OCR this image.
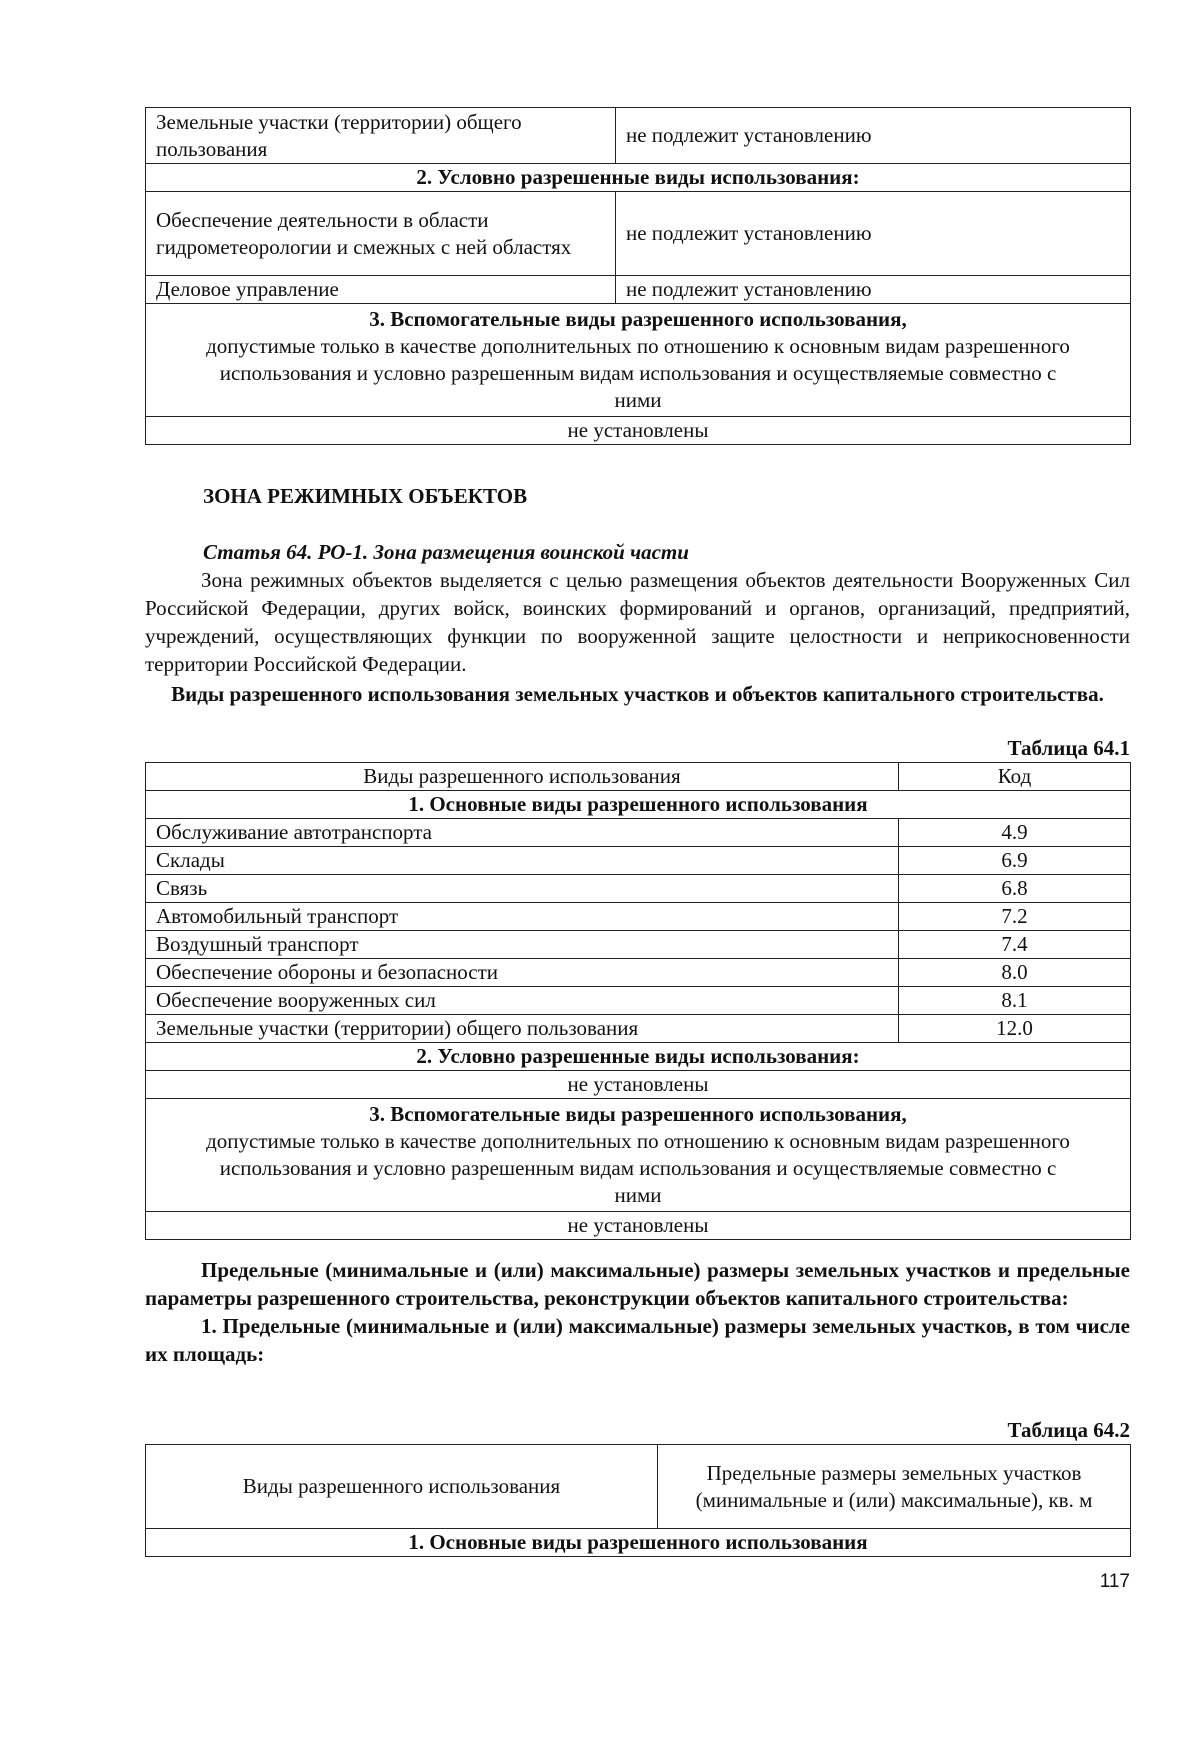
Земельные участки (территории) общего пользования	не подлежит установлению
2. Условно разрешенные виды использования:	
Обеспечение деятельности в области гидрометеорологии и смежных с ней областях	не подлежит установлению
Деловое управление	не подлежит установлению

3. Вспомогательные виды разрешенного использования,
допустимые только в качестве дополнительных по отношению к основным видам разрешенного использования и условно разрешенным видам использования и осуществляемые совместно с ними	

не установлены	
ЗОНА РЕЖИМНЫХ ОБЪЕКТОВ
Статья 64. РО-1. Зона размещения воинской части

Зона режимных объектов выделяется с целью размещения объектов деятельности Вооруженных Сил Российской Федерации, других войск, воинских формирований и органов, организаций, предприятий, учреждений, осуществляющих функции по вооруженной защите целостности и неприкосновенности территории Российской Федерации.

Виды разрешенного использования земельных участков и объектов капитального строительства.
Таблица 64.1
Виды разрешенного использования	Код
1. Основные виды разрешенного использования	
Обслуживание автотранспорта	4.9
Склады	6.9
Связь	6.8
Автомобильный транспорт	7.2
Воздушный транспорт	7.4
Обеспечение обороны и безопасности	8.0
Обеспечение вооруженных сил	8.1
Земельные участки (территории) общего пользования	12.0
2. Условно разрешенные виды использования:	
не установлены	

3. Вспомогательные виды разрешенного использования,
допустимые только в качестве дополнительных по отношению к основным видам разрешенного использования и условно разрешенным видам использования и осуществляемые совместно с ними	

не установлены	

Предельные (минимальные и (или) максимальные) размеры земельных участков и предельные параметры разрешенного строительства, реконструкции объектов капитального строительства:

1. Предельные (минимальные и (или) максимальные) размеры земельных участков, в том числе их площадь:

Таблица 64.2
Виды разрешенного использования	Предельные размеры земельных участков (минимальные и (или) максимальные), кв. м
1. Основные виды разрешенного использования
117
